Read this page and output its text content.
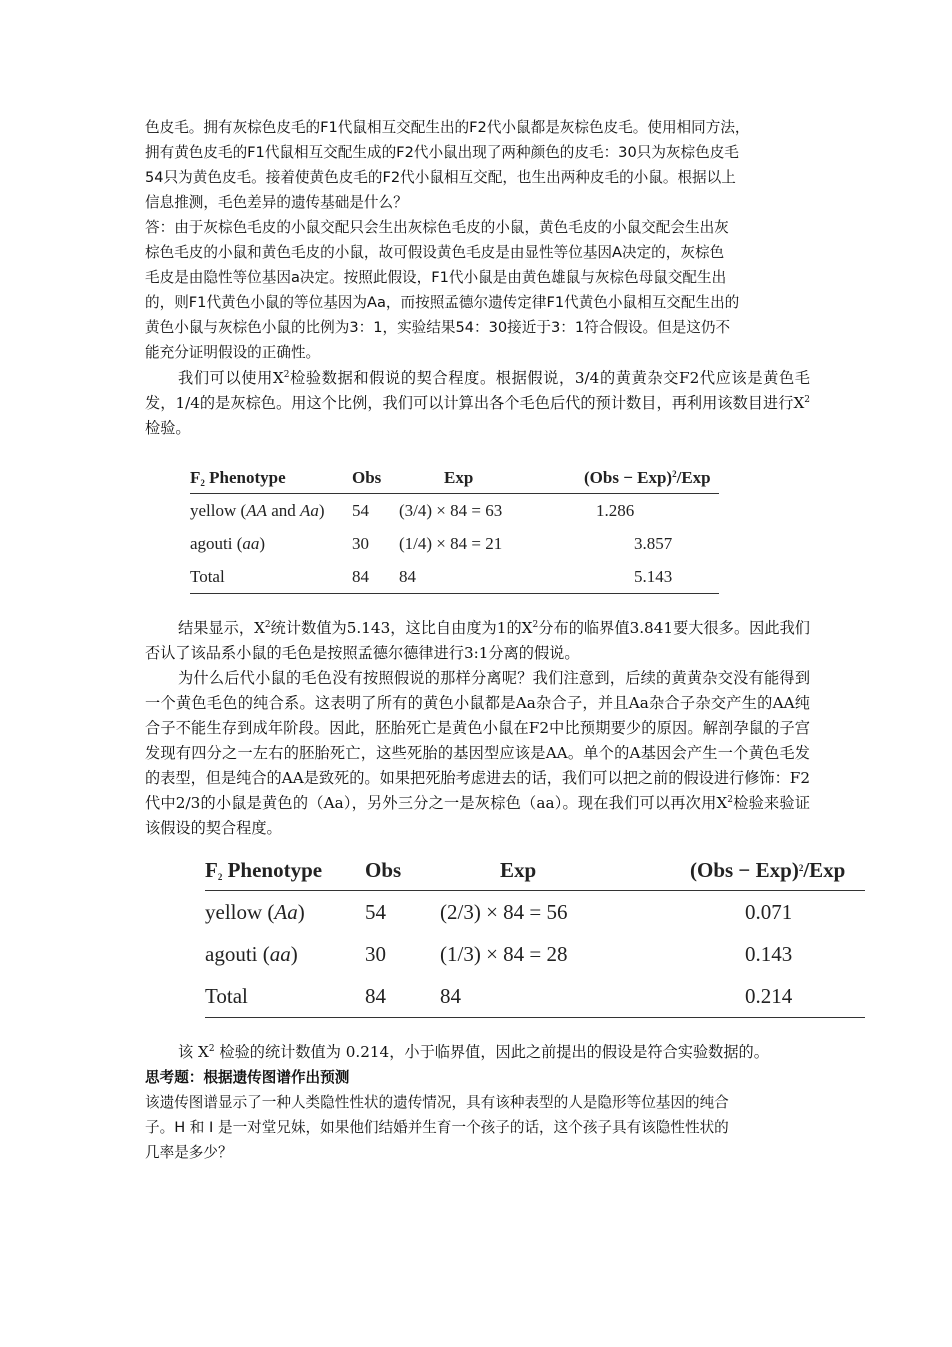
色皮毛。拥有灰棕色皮毛的F1代鼠相互交配生出的F2代小鼠都是灰棕色皮毛。使用相同方法，

拥有黄色皮毛的F1代鼠相互交配生成的F2代小鼠出现了两种颜色的皮毛：30只为灰棕色皮毛

54只为黄色皮毛。接着使黄色皮毛的F2代小鼠相互交配，也生出两种皮毛的小鼠。根据以上

信息推测，毛色差异的遗传基础是什么？

答：由于灰棕色毛皮的小鼠交配只会生出灰棕色毛皮的小鼠，黄色毛皮的小鼠交配会生出灰

棕色毛皮的小鼠和黄色毛皮的小鼠，故可假设黄色毛皮是由显性等位基因A决定的，灰棕色

毛皮是由隐性等位基因a决定。按照此假设，F1代小鼠是由黄色雄鼠与灰棕色母鼠交配生出

的，则F1代黄色小鼠的等位基因为Aa，而按照孟德尔遗传定律F1代黄色小鼠相互交配生出的

黄色小鼠与灰棕色小鼠的比例为3：1，实验结果54：30接近于3：1符合假设。但是这仍不

能充分证明假设的正确性。

我们可以使用$X^2$检验数据和假说的契合程度。根据假说，3/4的黄黄杂交F2代应该是黄色毛发，1/4的是灰棕色。用这个比例，我们可以计算出各个毛色后代的预计数目，再利用该数目进行$X^2$检验。

$F_2$ Phenotype	Obs	Exp	(Obs − Exp)$^2$/Exp
yellow (AA and Aa)	54	(3/4) × 84 = 63	1.286
agouti (aa)	30	(1/4) × 84 = 21	3.857
Total	84	84	5.143

结果显示，$X^2$统计数值为5.143，这比自由度为1的$X^2$分布的临界值3.841要大很多。因此我们否认了该品系小鼠的毛色是按照孟德尔德律进行3:1分离的假说。

为什么后代小鼠的毛色没有按照假说的那样分离呢？我们注意到，后续的黄黄杂交没有能得到一个黄色毛色的纯合系。这表明了所有的黄色小鼠都是Aa杂合子，并且Aa杂合子杂交产生的AA纯合子不能生存到成年阶段。因此，胚胎死亡是黄色小鼠在F2中比预期要少的原因。解剖孕鼠的子宫发现有四分之一左右的胚胎死亡，这些死胎的基因型应该是AA。单个的A基因会产生一个黄色毛发的表型，但是纯合的AA是致死的。如果把死胎考虑进去的话，我们可以把之前的假设进行修饰：F2代中2/3的小鼠是黄色的（Aa），另外三分之一是灰棕色（aa）。现在我们可以再次用$X^2$检验来验证该假设的契合程度。

$F_2$ Phenotype	Obs	Exp	(Obs − Exp)$^2$/Exp
yellow (Aa)	54	(2/3) × 84 = 56	0.071
agouti (aa)	30	(1/3) × 84 = 28	0.143
Total	84	84	0.214

该 $X^2$ 检验的统计数值为 0.214，小于临界值，因此之前提出的假设是符合实验数据的。

思考题：根据遗传图谱作出预测

该遗传图谱显示了一种人类隐性性状的遗传情况，具有该种表型的人是隐形等位基因的纯合

子。H 和 I 是一对堂兄妹，如果他们结婚并生育一个孩子的话，这个孩子具有该隐性性状的

几率是多少？
